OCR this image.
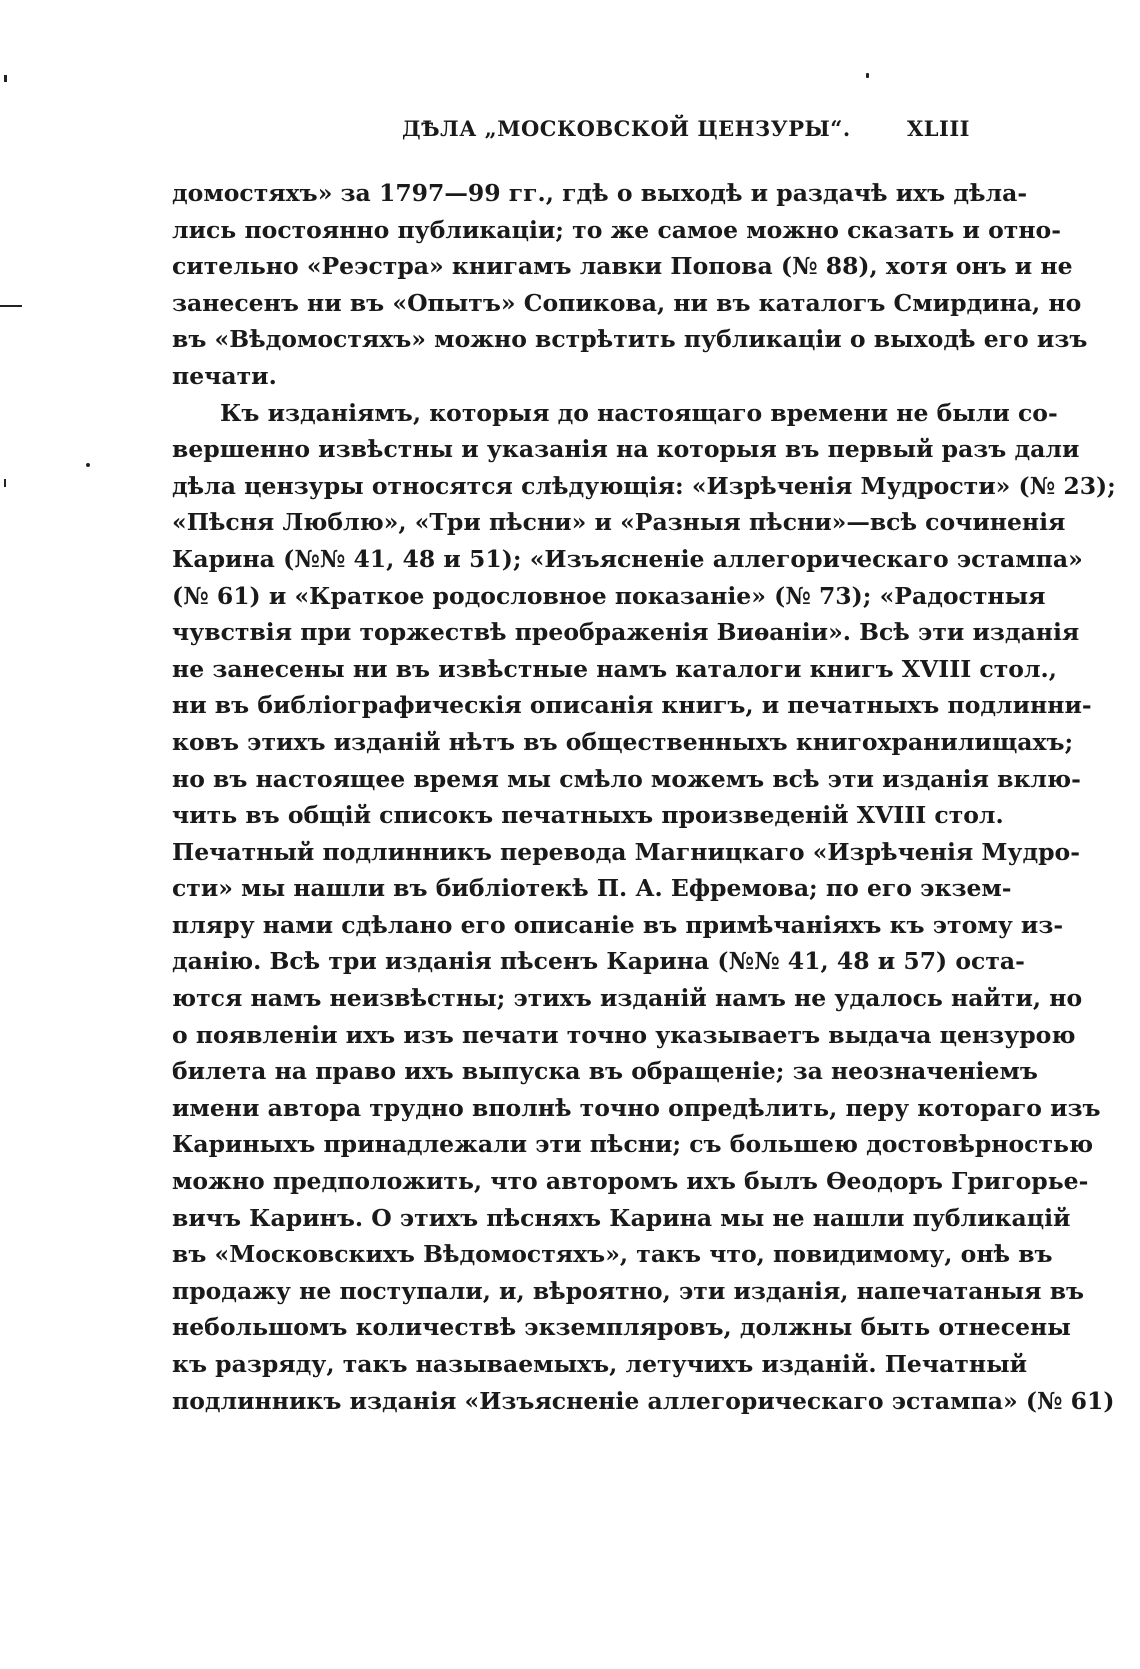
ДѢЛА „МОСКОВСКОЙ ЦЕНЗУРЫ“.	XLIII
домостяхъ» за 1797—99 гг., гдѣ о выходѣ и раздачѣ ихъ дѣла-
лись постоянно публикаціи; то же самое можно сказать и отно-
сительно «Реэстра» книгамъ лавки Попова (№ 88), хотя онъ и не
занесенъ ни въ «Опытъ» Сопикова, ни въ каталогъ Смирдина, но
въ «Вѣдомостяхъ» можно встрѣтить публикаціи о выходѣ его изъ
печати.
Къ изданіямъ, которыя до настоящаго времени не были со-
вершенно извѣстны и указанія на которыя въ первый разъ дали
дѣла цензуры относятся слѣдующія: «Изрѣченія Мудрости» (№ 23);
«Пѣсня Люблю», «Три пѣсни» и «Разныя пѣсни»—всѣ сочиненія
Карина (№№ 41, 48 и 51); «Изъясненіе аллегорическаго эстампа»
(№ 61) и «Краткое родословное показаніе» (№ 73); «Радостныя
чувствія при торжествѣ преображенія Виѳаніи». Всѣ эти изданія
не занесены ни въ извѣстные намъ каталоги книгъ XVIII стол.,
ни въ библіографическія описанія книгъ, и печатныхъ подлинни-
ковъ этихъ изданій нѣтъ въ общественныхъ книгохранилищахъ;
но въ настоящее время мы смѣло можемъ всѣ эти изданія вклю-
чить въ общій списокъ печатныхъ произведеній XVIII стол.
Печатный подлинникъ перевода Магницкаго «Изрѣченія Мудро-
сти» мы нашли въ библіотекѣ П. А. Ефремова; по его экзем-
пляру нами сдѣлано его описаніе въ примѣчаніяхъ къ этому из-
данію. Всѣ три изданія пѣсенъ Карина (№№ 41, 48 и 57) оста-
ются намъ неизвѣстны; этихъ изданій намъ не удалось найти, но
о появленіи ихъ изъ печати точно указываетъ выдача цензурою
билета на право ихъ выпуска въ обращеніе; за неозначеніемъ
имени автора трудно вполнѣ точно опредѣлить, перу котораго изъ
Кариныхъ принадлежали эти пѣсни; съ большею достовѣрностью
можно предположить, что авторомъ ихъ былъ Ѳеодоръ Григорье-
вичъ Каринъ. О этихъ пѣсняхъ Карина мы не нашли публикацій
въ «Московскихъ Вѣдомостяхъ», такъ что, повидимому, онѣ въ
продажу не поступали, и, вѣроятно, эти изданія, напечатаныя въ
небольшомъ количествѣ экземпляровъ, должны быть отнесены
къ разряду, такъ называемыхъ, летучихъ изданій. Печатный
подлинникъ изданія «Изъясненіе аллегорическаго эстампа» (№ 61)
